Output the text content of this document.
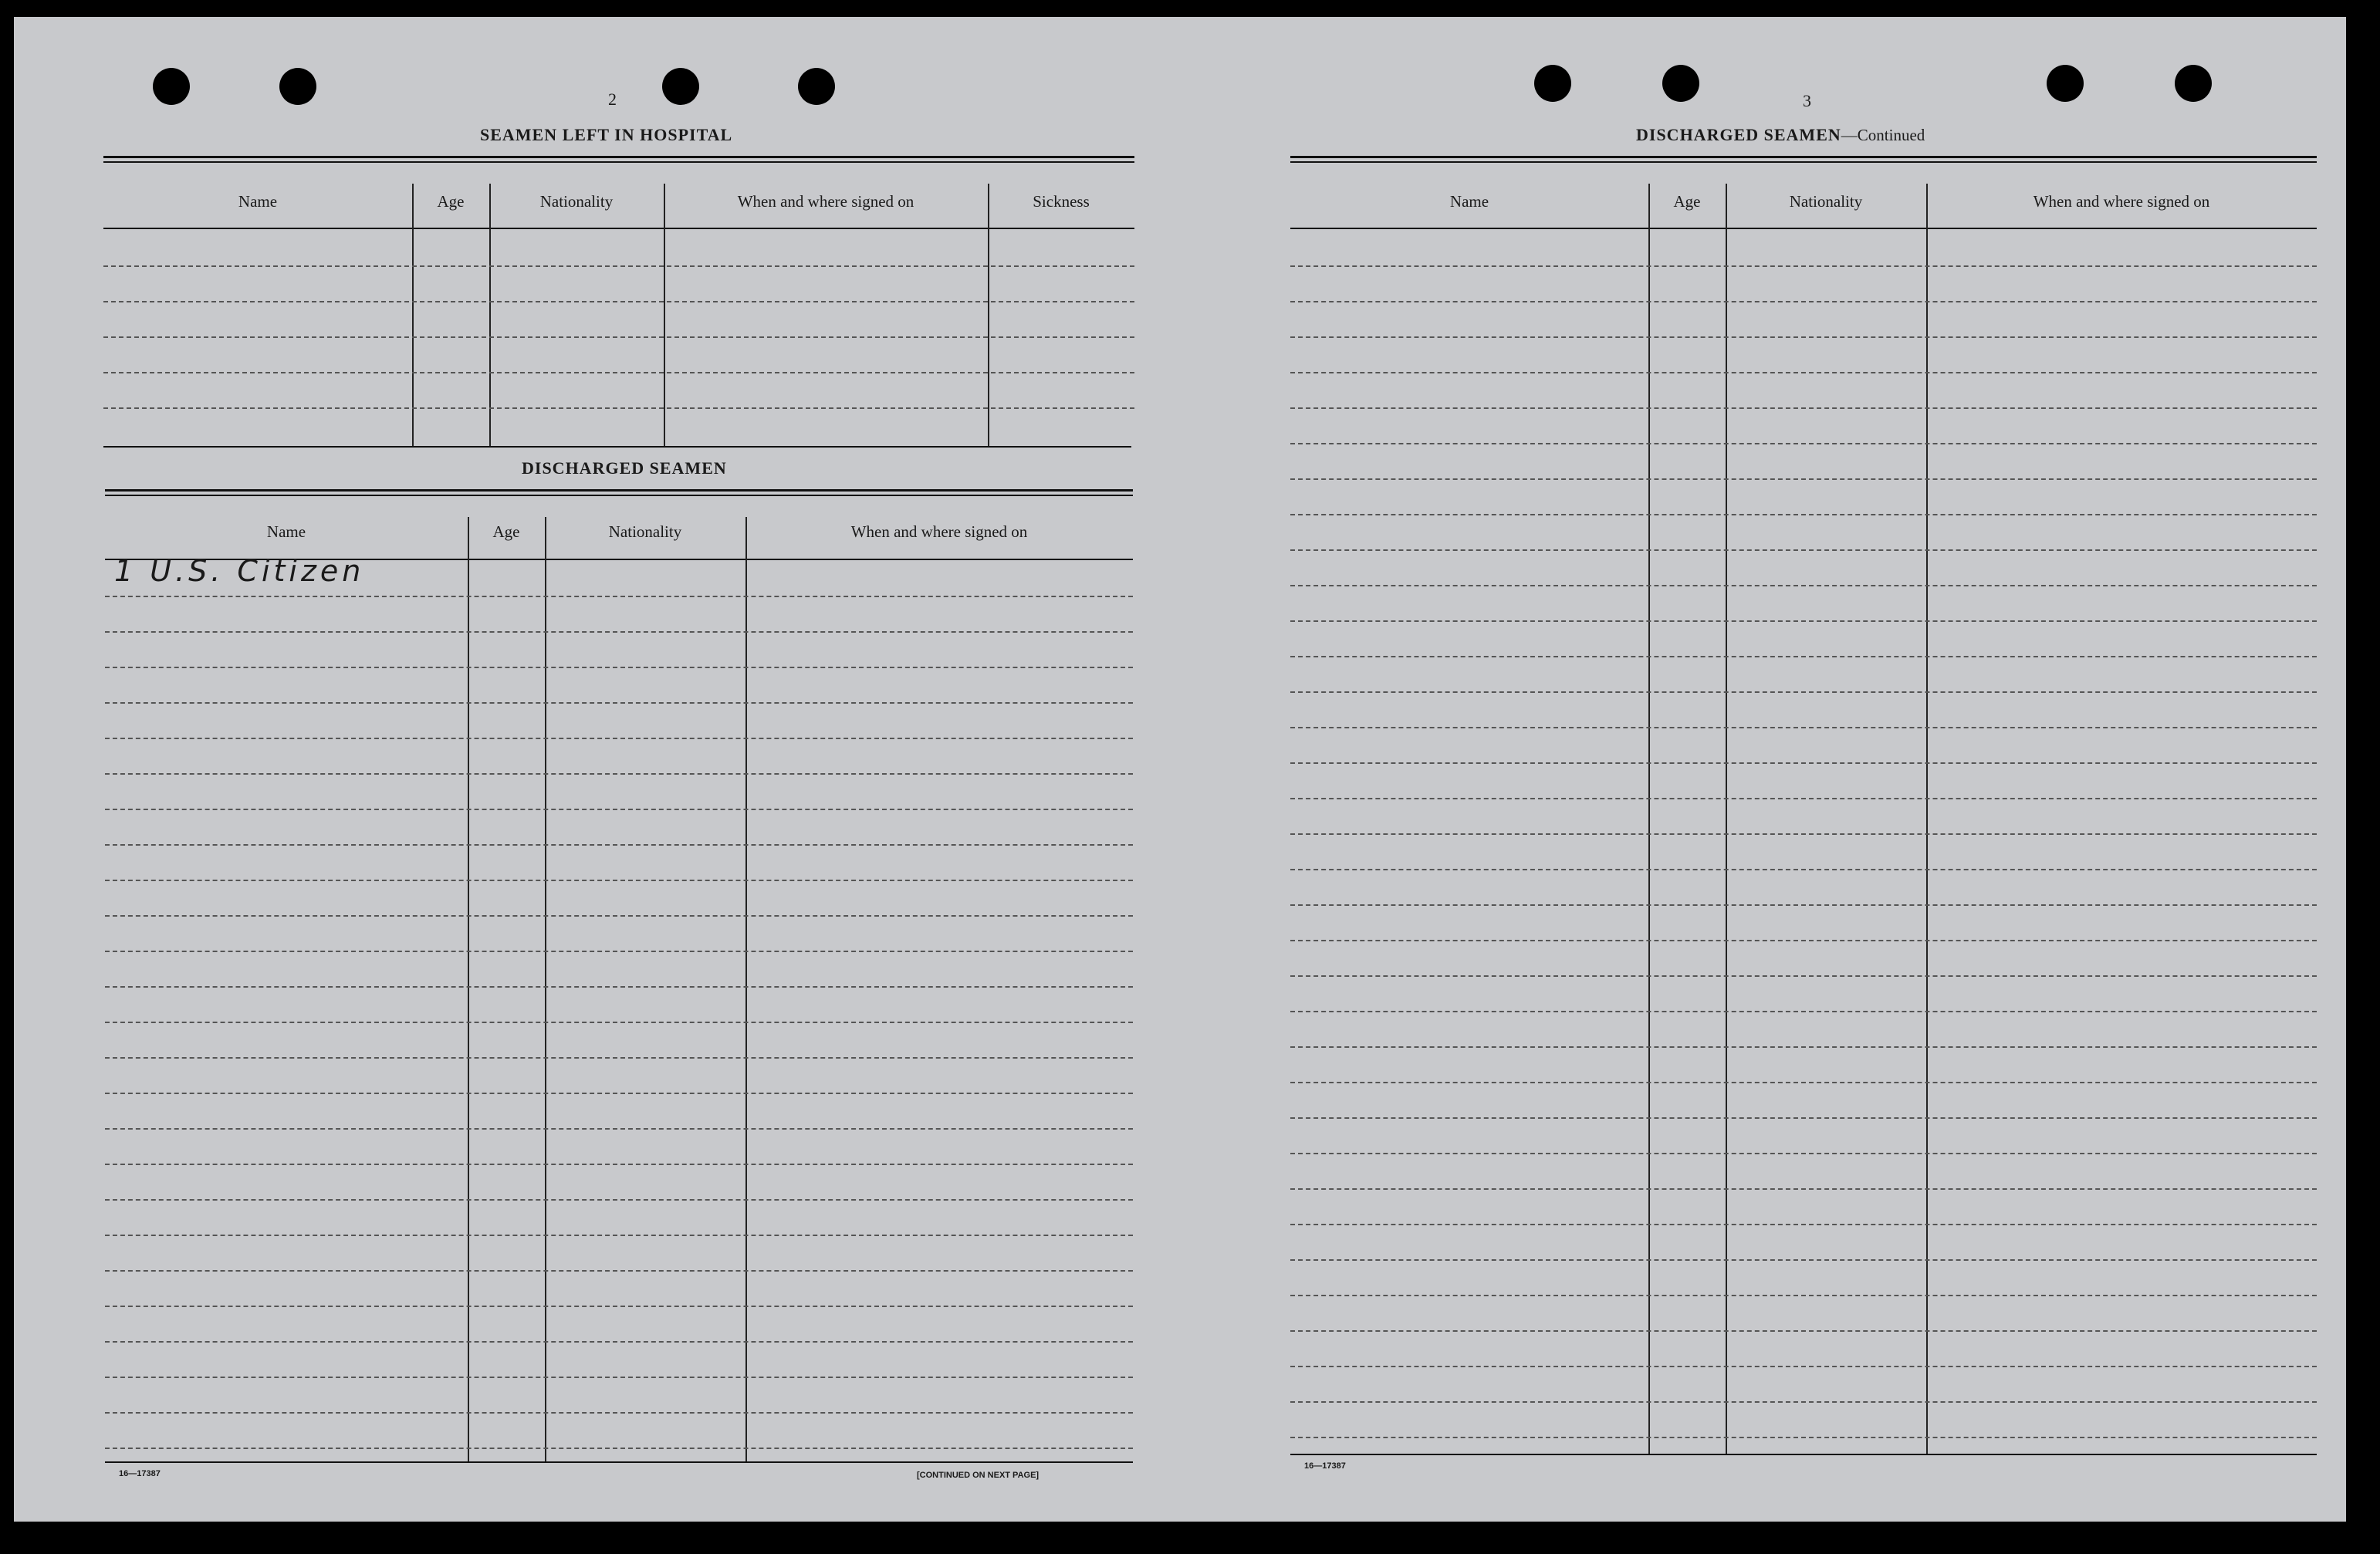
2
SEAMEN LEFT IN HOSPITAL
Name	Age	Nationality	When and where signed on	Sickness
DISCHARGED SEAMEN
Name	Age	Nationality	When and where signed on
1 U.S. Citizen
16—17387	[CONTINUED ON NEXT PAGE]
3
DISCHARGED SEAMEN—Continued
Name	Age	Nationality	When and where signed on
16—17387
